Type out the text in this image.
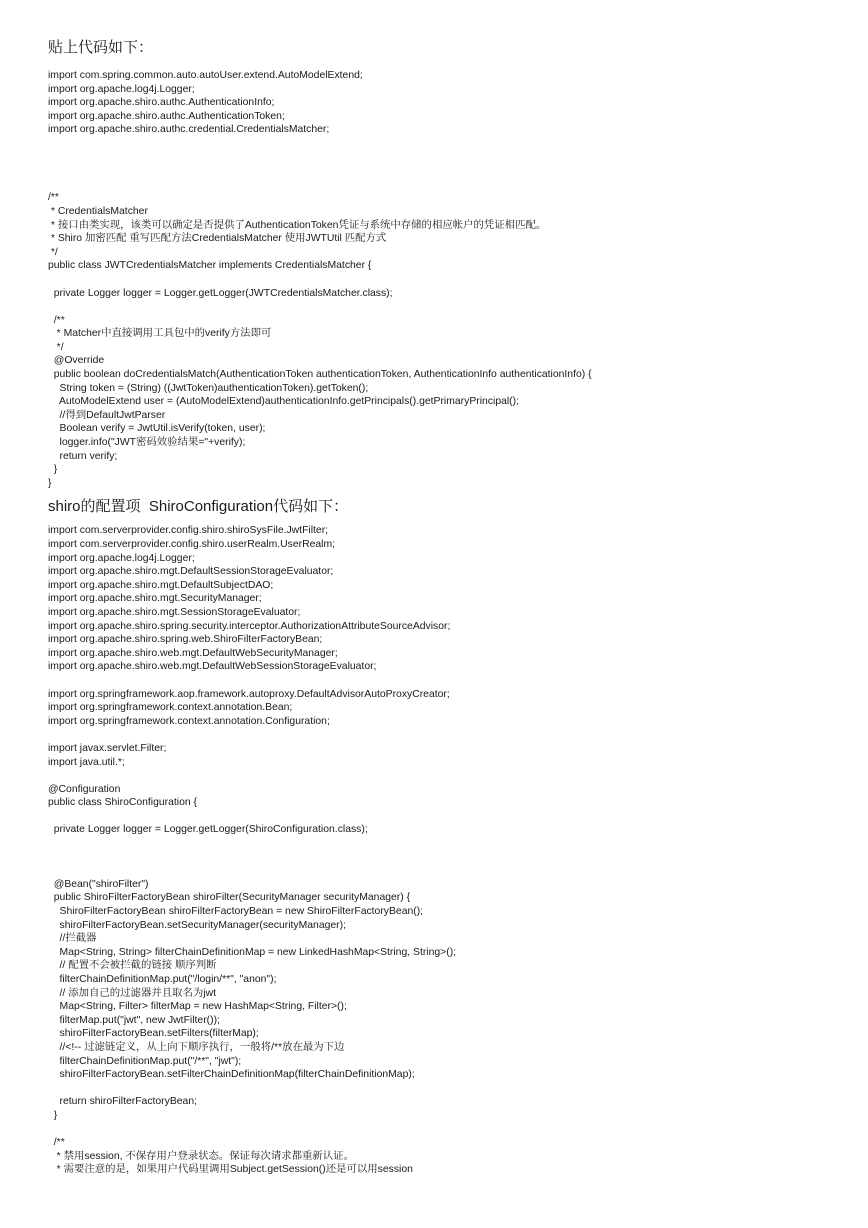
贴上代码如下：

import com.spring.common.auto.autoUser.extend.AutoModelExtend;

import org.apache.log4j.Logger;

import org.apache.shiro.authc.AuthenticationInfo;

import org.apache.shiro.authc.AuthenticationToken;

import org.apache.shiro.authc.credential.CredentialsMatcher;

/**

* CredentialsMatcher

* 接口由类实现，该类可以确定是否提供了AuthenticationToken凭证与系统中存储的相应帐户的凭证相匹配。

* Shiro 加密匹配 重写匹配方法CredentialsMatcher 使用JWTUtil 匹配方式

*/

public class JWTCredentialsMatcher implements CredentialsMatcher {

private Logger logger = Logger.getLogger(JWTCredentialsMatcher.class);

/**

* Matcher中直接调用工具包中的verify方法即可

*/

@Override

public boolean doCredentialsMatch(AuthenticationToken authenticationToken, AuthenticationInfo authenticationInfo) {

String token = (String) ((JwtToken)authenticationToken).getToken();

AutoModelExtend user = (AutoModelExtend)authenticationInfo.getPrincipals().getPrimaryPrincipal();

//得到DefaultJwtParser

Boolean verify = JwtUtil.isVerify(token, user);

logger.info("JWT密码效验结果="+verify);

return verify;

}

}

shiro的配置项  ShiroConfiguration代码如下：

import com.serverprovider.config.shiro.shiroSysFile.JwtFilter;

import com.serverprovider.config.shiro.userRealm.UserRealm;

import org.apache.log4j.Logger;

import org.apache.shiro.mgt.DefaultSessionStorageEvaluator;

import org.apache.shiro.mgt.DefaultSubjectDAO;

import org.apache.shiro.mgt.SecurityManager;

import org.apache.shiro.mgt.SessionStorageEvaluator;

import org.apache.shiro.spring.security.interceptor.AuthorizationAttributeSourceAdvisor;

import org.apache.shiro.spring.web.ShiroFilterFactoryBean;

import org.apache.shiro.web.mgt.DefaultWebSecurityManager;

import org.apache.shiro.web.mgt.DefaultWebSessionStorageEvaluator;

import org.springframework.aop.framework.autoproxy.DefaultAdvisorAutoProxyCreator;

import org.springframework.context.annotation.Bean;

import org.springframework.context.annotation.Configuration;

import javax.servlet.Filter;

import java.util.*;

@Configuration

public class ShiroConfiguration {

private Logger logger = Logger.getLogger(ShiroConfiguration.class);

@Bean("shiroFilter")

public ShiroFilterFactoryBean shiroFilter(SecurityManager securityManager) {

ShiroFilterFactoryBean shiroFilterFactoryBean = new ShiroFilterFactoryBean();

shiroFilterFactoryBean.setSecurityManager(securityManager);

//拦截器

Map<String, String> filterChainDefinitionMap = new LinkedHashMap<String, String>();

// 配置不会被拦截的链接 顺序判断

filterChainDefinitionMap.put("/login/**", "anon");

// 添加自己的过滤器并且取名为jwt

Map<String, Filter> filterMap = new HashMap<String, Filter>();

filterMap.put("jwt", new JwtFilter());

shiroFilterFactoryBean.setFilters(filterMap);

//<!-- 过滤链定义，从上向下顺序执行，一般将/**放在最为下边

filterChainDefinitionMap.put("/**", "jwt");

shiroFilterFactoryBean.setFilterChainDefinitionMap(filterChainDefinitionMap);

return shiroFilterFactoryBean;

}

/**

* 禁用session, 不保存用户登录状态。保证每次请求都重新认证。

* 需要注意的是，如果用户代码里调用Subject.getSession()还是可以用session
